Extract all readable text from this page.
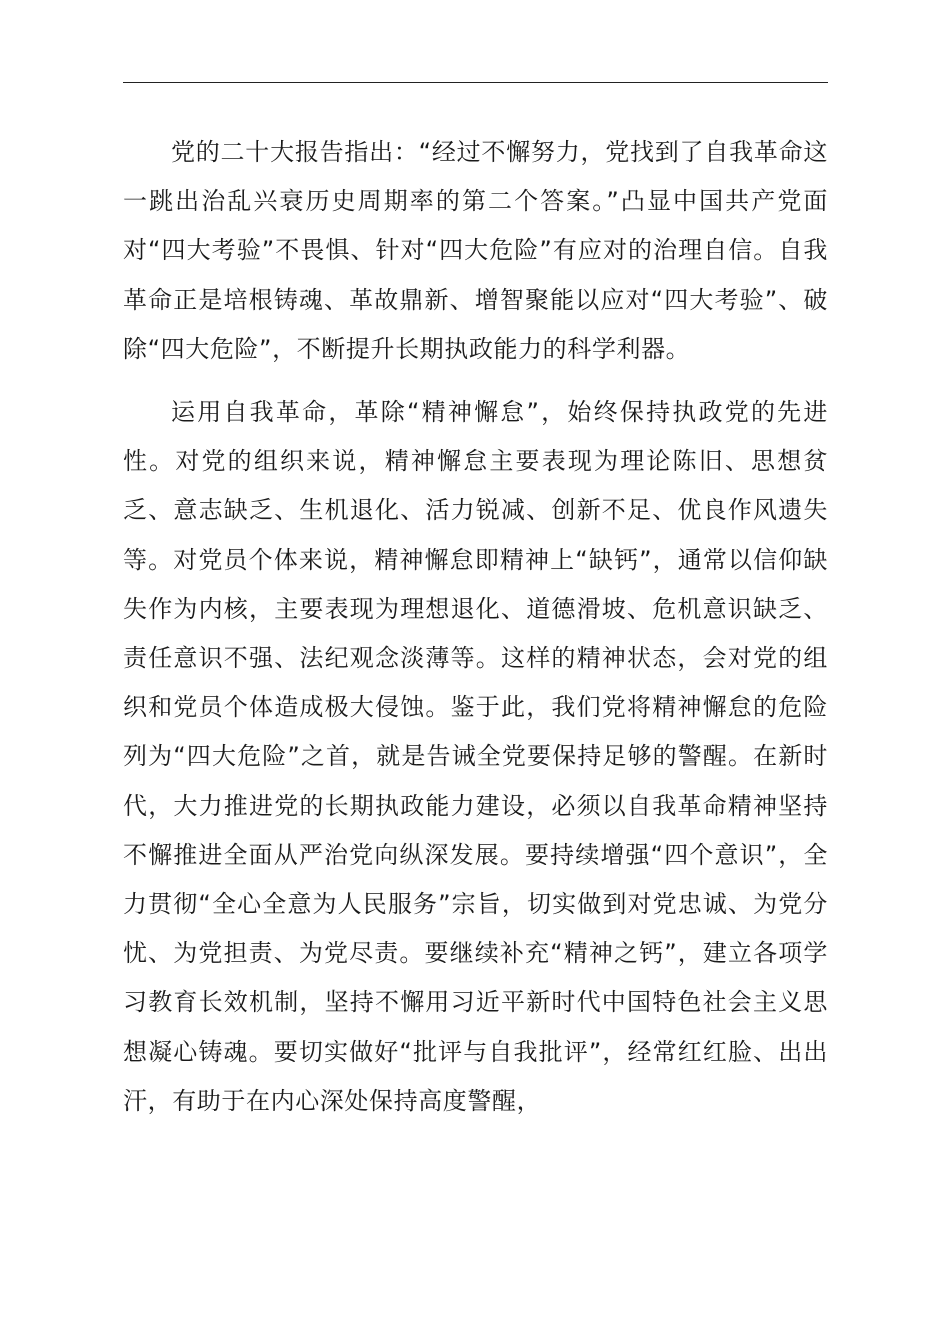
党的二十大报告指出：“经过不懈努力，党找到了自我革命这一跳出治乱兴衰历史周期率的第二个答案。”凸显中国共产党面对“四大考验”不畏惧、针对“四大危险”有应对的治理自信。自我革命正是培根铸魂、革故鼎新、增智聚能以应对“四大考验”、破除“四大危险”，不断提升长期执政能力的科学利器。

运用自我革命，革除“精神懈怠”，始终保持执政党的先进性。对党的组织来说，精神懈怠主要表现为理论陈旧、思想贫乏、意志缺乏、生机退化、活力锐减、创新不足、优良作风遗失等。对党员个体来说，精神懈怠即精神上“缺钙”，通常以信仰缺失作为内核，主要表现为理想退化、道德滑坡、危机意识缺乏、责任意识不强、法纪观念淡薄等。这样的精神状态，会对党的组织和党员个体造成极大侵蚀。鉴于此，我们党将精神懈怠的危险列为“四大危险”之首，就是告诫全党要保持足够的警醒。在新时代，大力推进党的长期执政能力建设，必须以自我革命精神坚持不懈推进全面从严治党向纵深发展。要持续增强“四个意识”，全力贯彻“全心全意为人民服务”宗旨，切实做到对党忠诚、为党分忧、为党担责、为党尽责。要继续补充“精神之钙”，建立各项学习教育长效机制，坚持不懈用习近平新时代中国特色社会主义思想凝心铸魂。要切实做好“批评与自我批评”，经常红红脸、出出汗，有助于在内心深处保持高度警醒，
